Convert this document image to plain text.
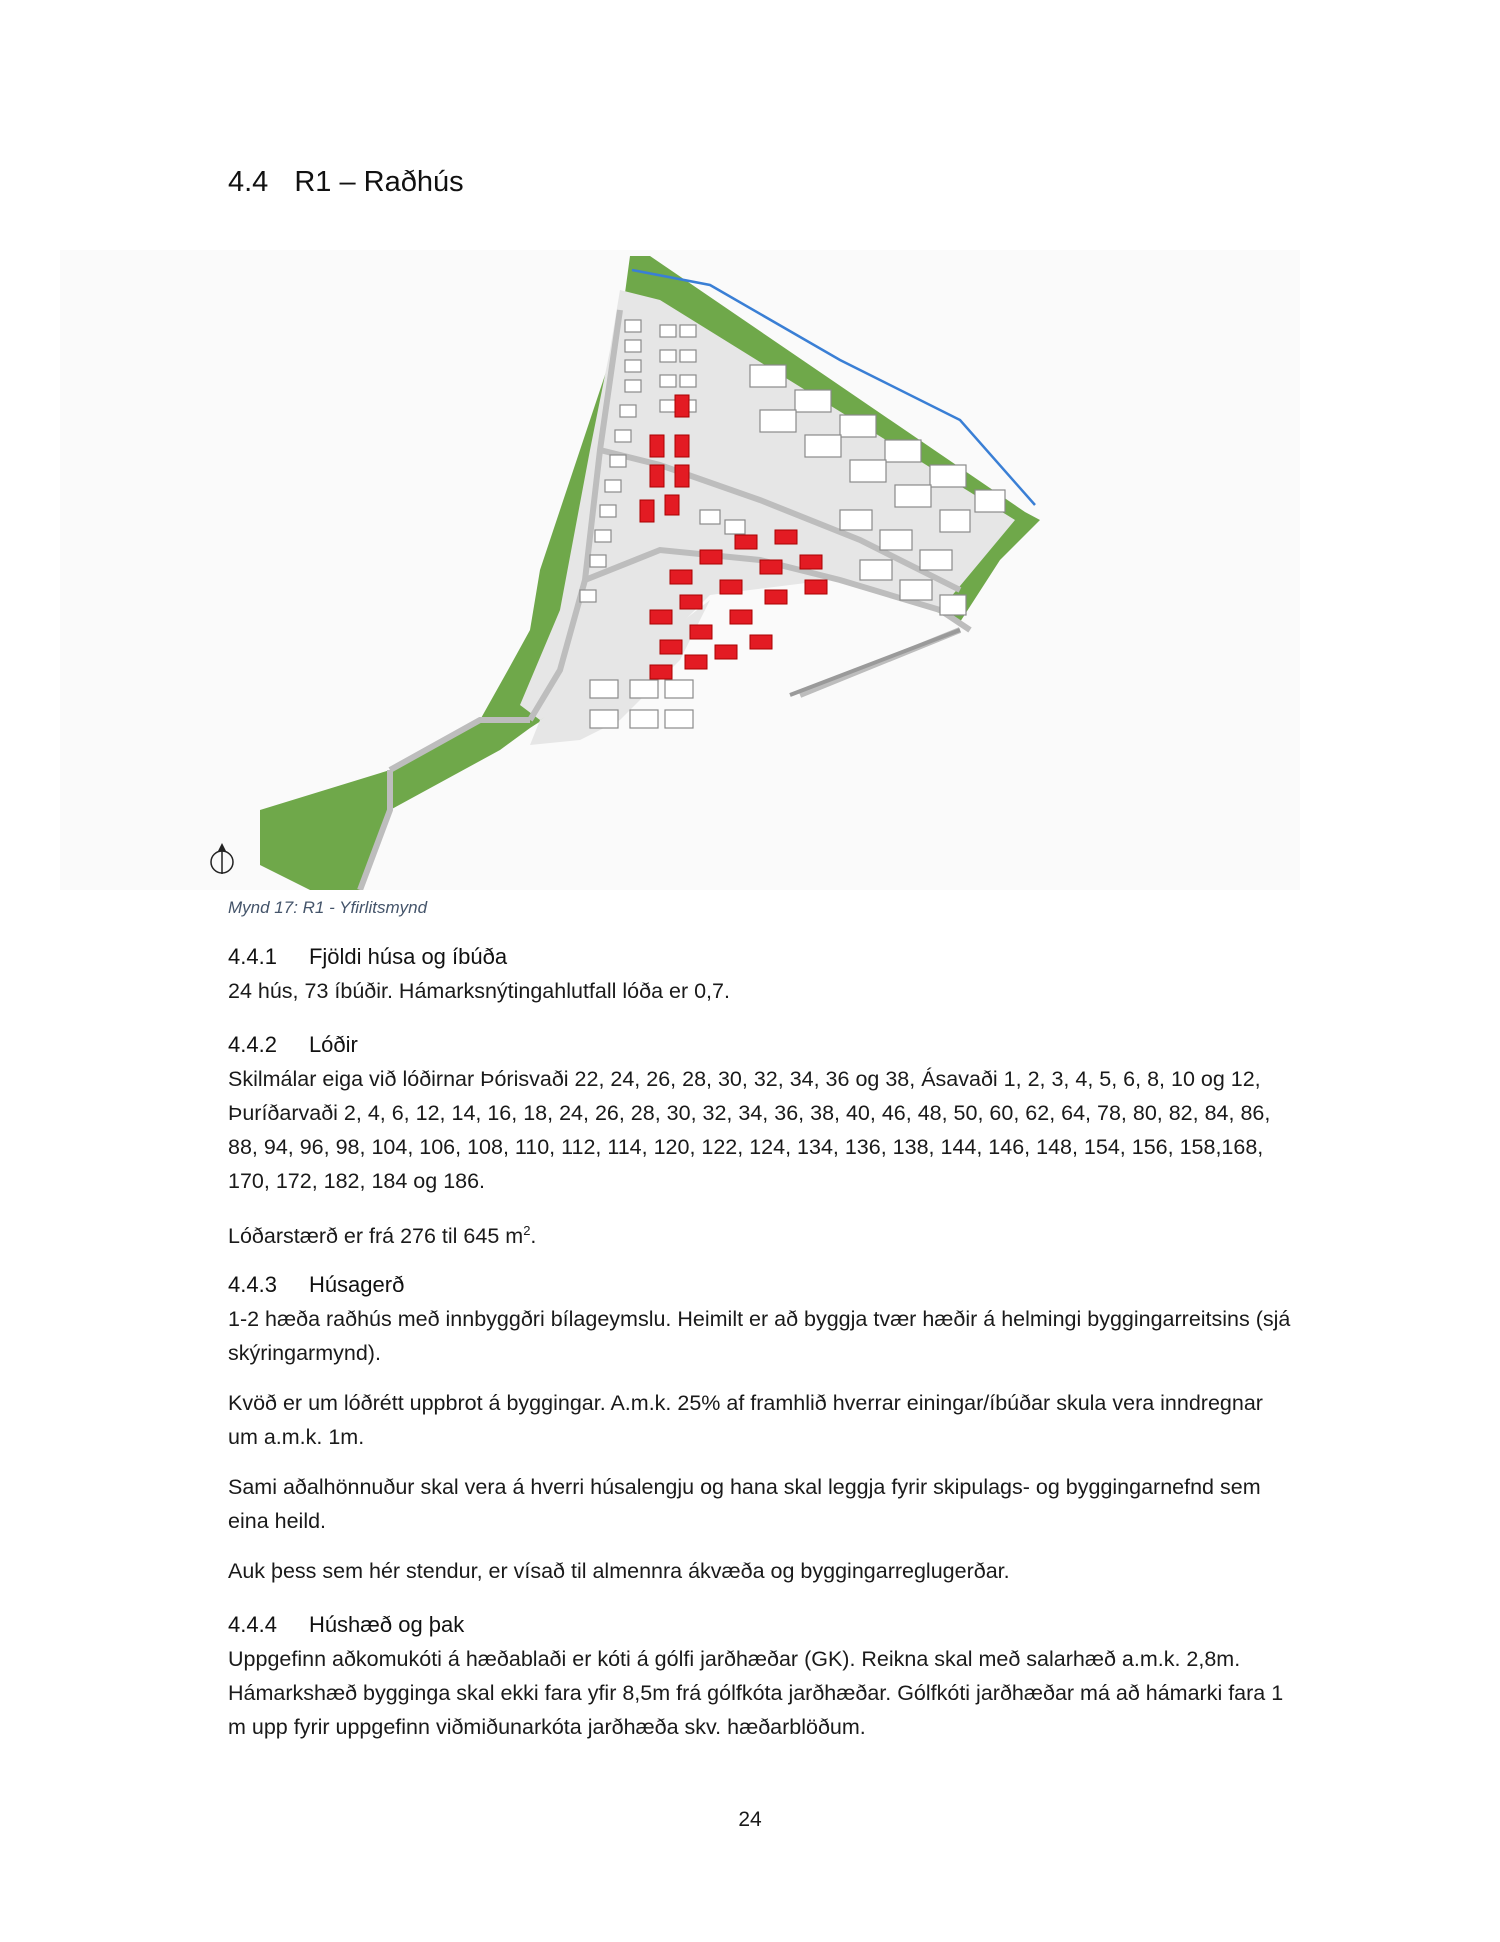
4.4 R1 – Raðhús
Mynd 17: R1 - Yfirlitsmynd
4.4.1 Fjöldi húsa og íbúða
24 hús, 73 íbúðir. Hámarksnýtingahlutfall lóða er 0,7.
4.4.2 Lóðir
Skilmálar eiga við lóðirnar Þórisvaði 22, 24, 26, 28, 30, 32, 34, 36 og 38, Ásavaði 1, 2, 3, 4, 5, 6, 8, 10 og 12, Þuríðarvaði 2, 4, 6, 12, 14, 16, 18, 24, 26, 28, 30, 32, 34, 36, 38, 40, 46, 48, 50, 60, 62, 64, 78, 80, 82, 84, 86, 88, 94, 96, 98, 104, 106, 108, 110, 112, 114, 120, 122, 124, 134, 136, 138, 144, 146, 148, 154, 156, 158,168, 170, 172, 182, 184 og 186.
Lóðarstærð er frá 276 til 645 $m^2$.
4.4.3 Húsagerð
1-2 hæða raðhús með innbyggðri bílageymslu. Heimilt er að byggja tvær hæðir á helmingi byggingarreitsins (sjá skýringarmynd).
Kvöð er um lóðrétt uppbrot á byggingar. A.m.k. 25% af framhlið hverrar einingar/íbúðar skula vera inndregnar um a.m.k. 1m.
Sami aðalhönnuður skal vera á hverri húsalengju og hana skal leggja fyrir skipulags- og byggingarnefnd sem eina heild.
Auk þess sem hér stendur, er vísað til almennra ákvæða og byggingarreglugerðar.
4.4.4 Húshæð og þak
Uppgefinn aðkomukóti á hæðablaði er kóti á gólfi jarðhæðar (GK). Reikna skal með salarhæð a.m.k. 2,8m. Hámarkshæð bygginga skal ekki fara yfir 8,5m frá gólfkóta jarðhæðar. Gólfkóti jarðhæðar má að hámarki fara 1 m upp fyrir uppgefinn viðmiðunarkóta jarðhæða skv. hæðarblöðum.
24
